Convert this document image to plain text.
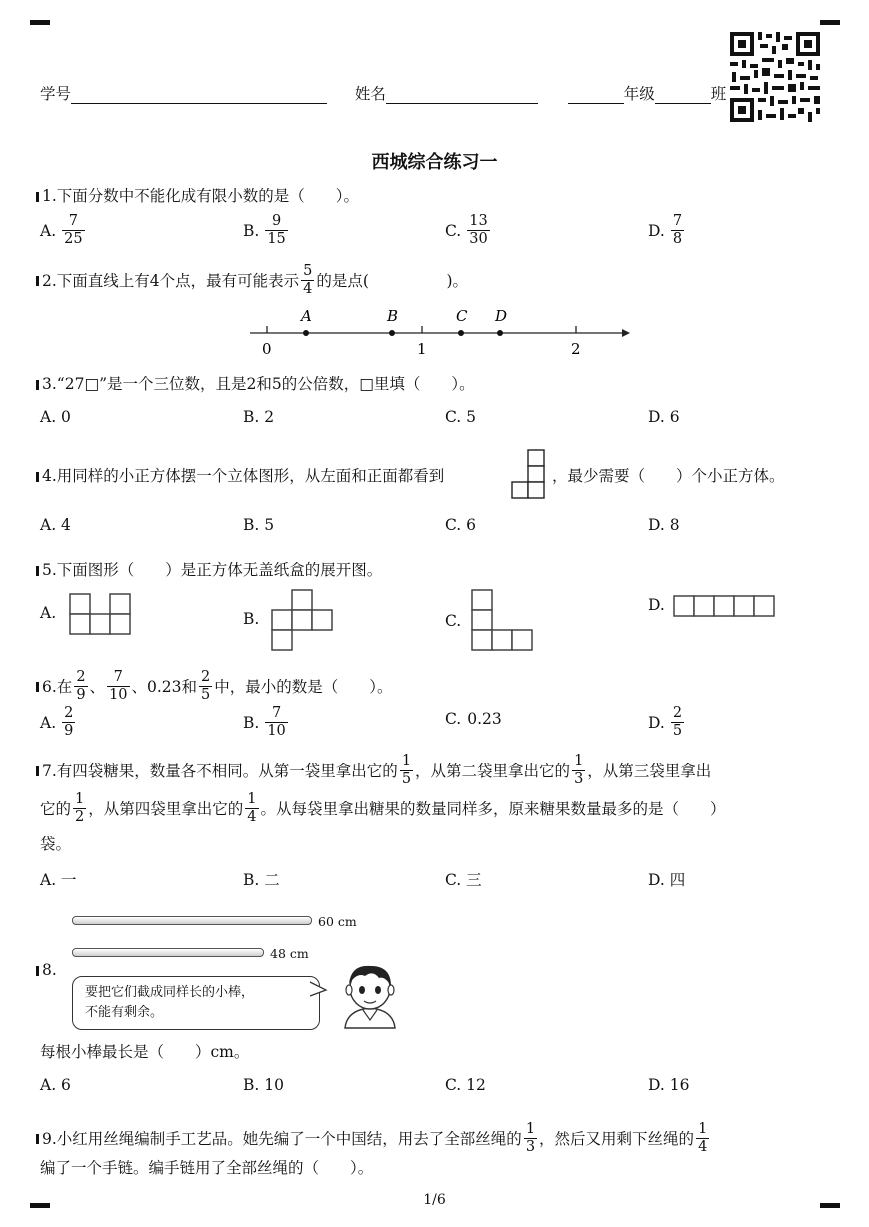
学号	姓名	年级	班
西城综合练习一
1.下面分数中不能化成有限小数的是（　　）。
A. $\frac{7}{25}$	B. $\frac{9}{15}$	C. $\frac{13}{30}$	D. $\frac{7}{8}$
2. 下面直线上有4个点，最有可能表示 $\frac{5}{4}$ 的是点(　　　　　)。
A	B	C D
0	1	2
3.“27□”是一个三位数，且是2和5的公倍数，□里填（　　）。
A. 0	B. 2	C. 5	D. 6
4.用同样的小正方体摆一个立体图形，从左面和正面都看到	，最少需要（　　）个小正方体。
A. 4	B. 5	C. 6	D. 8
5.下面图形（　　）是正方体无盖纸盒的展开图。
A.	B.	C.
D.
6. 在 $\frac{2}{9}$ 、 $\frac{7}{10}$ 、0.23和 $\frac{2}{5}$ 中，最小的数是（　　）。
A. $\frac{2}{9}$	B. $\frac{7}{10}$	C. 0.23	D. $\frac{2}{5}$
7. 有四袋糖果，数量各不相同。从第一袋里拿出它的 $\frac{1}{5}$ ，从第二袋里拿出它的 $\frac{1}{3}$ ，从第三袋里拿出
它的 $\frac{1}{2}$ ，从第四袋里拿出它的 $\frac{1}{4}$ 。从每袋里拿出糖果的数量同样多，原来糖果数量最多的是（　　）
袋。
A. 一	B. 二	C. 三	D. 四
60 cm
48 cm
8.
要把它们截成同样长的小棒，
不能有剩余。
每根小棒最长是（　　）cm。
A. 6	B. 10	C. 12	D. 16
9. 小红用丝绳编制手工艺品。她先编了一个中国结，用去了全部丝绳的 $\frac{1}{3}$ ，然后又用剩下丝绳的 $\frac{1}{4}$
编了一个手链。编手链用了全部丝绳的（　　）。
1/6
